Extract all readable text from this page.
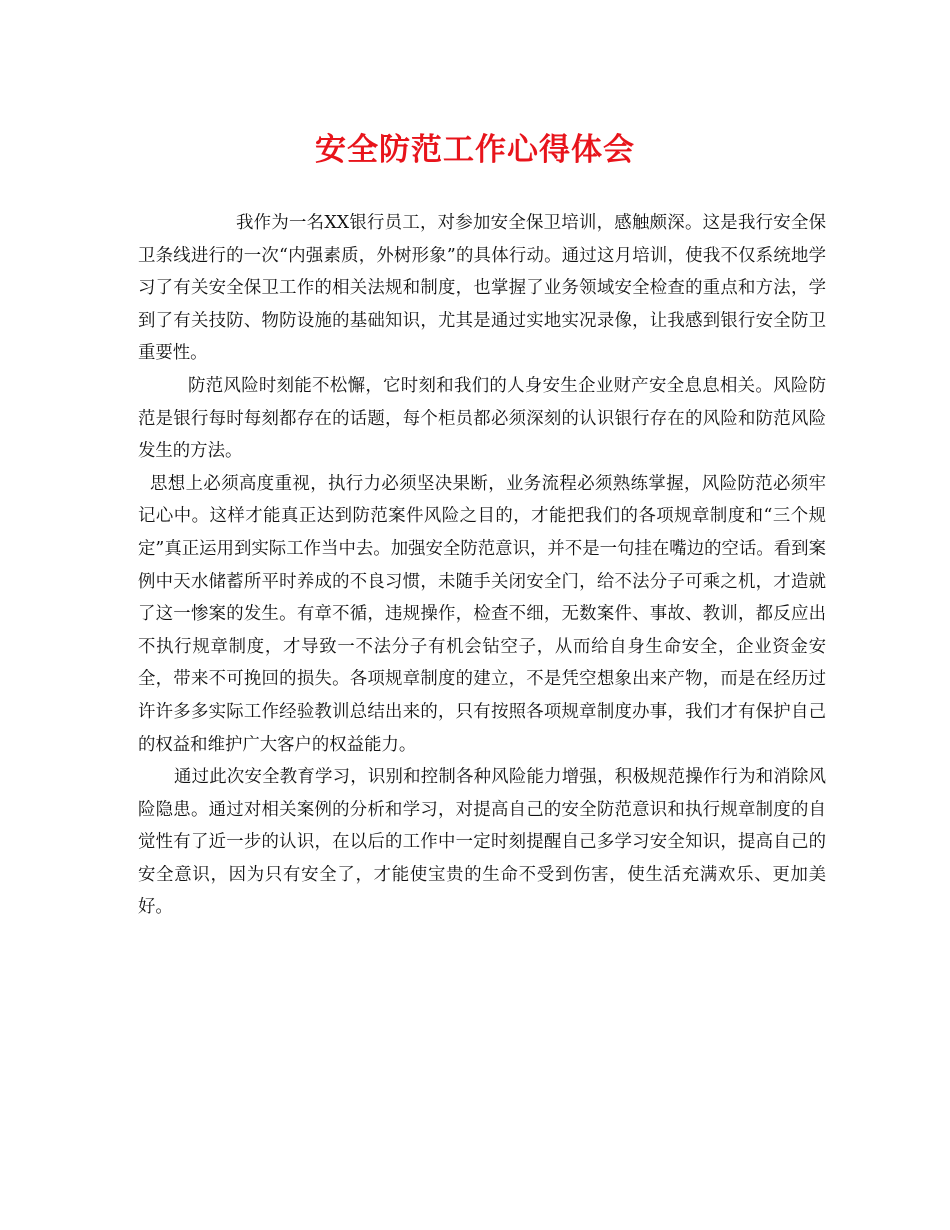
安全防范工作心得体会

我作为一名XX银行员工，对参加安全保卫培训，感触颇深。这是我行安全保卫条线进行的一次“内强素质，外树形象”的具体行动。通过这月培训，使我不仅系统地学习了有关安全保卫工作的相关法规和制度，也掌握了业务领域安全检查的重点和方法，学到了有关技防、物防设施的基础知识，尤其是通过实地实况录像，让我感到银行安全防卫重要性。

防范风险时刻能不松懈，它时刻和我们的人身安生企业财产安全息息相关。风险防范是银行每时每刻都存在的话题，每个柜员都必须深刻的认识银行存在的风险和防范风险发生的方法。

思想上必须高度重视，执行力必须坚决果断，业务流程必须熟练掌握，风险防范必须牢记心中。这样才能真正达到防范案件风险之目的，才能把我们的各项规章制度和“三个规定”真正运用到实际工作当中去。加强安全防范意识，并不是一句挂在嘴边的空话。看到案例中天水储蓄所平时养成的不良习惯，未随手关闭安全门，给不法分子可乘之机，才造就了这一惨案的发生。有章不循，违规操作，检查不细，无数案件、事故、教训，都反应出不执行规章制度，才导致一不法分子有机会钻空子，从而给自身生命安全，企业资金安全，带来不可挽回的损失。各项规章制度的建立，不是凭空想象出来产物，而是在经历过许许多多实际工作经验教训总结出来的，只有按照各项规章制度办事，我们才有保护自己的权益和维护广大客户的权益能力。

通过此次安全教育学习，识别和控制各种风险能力增强，积极规范操作行为和消除风险隐患。通过对相关案例的分析和学习，对提高自己的安全防范意识和执行规章制度的自觉性有了近一步的认识，在以后的工作中一定时刻提醒自己多学习安全知识，提高自己的安全意识，因为只有安全了，才能使宝贵的生命不受到伤害，使生活充满欢乐、更加美好。
